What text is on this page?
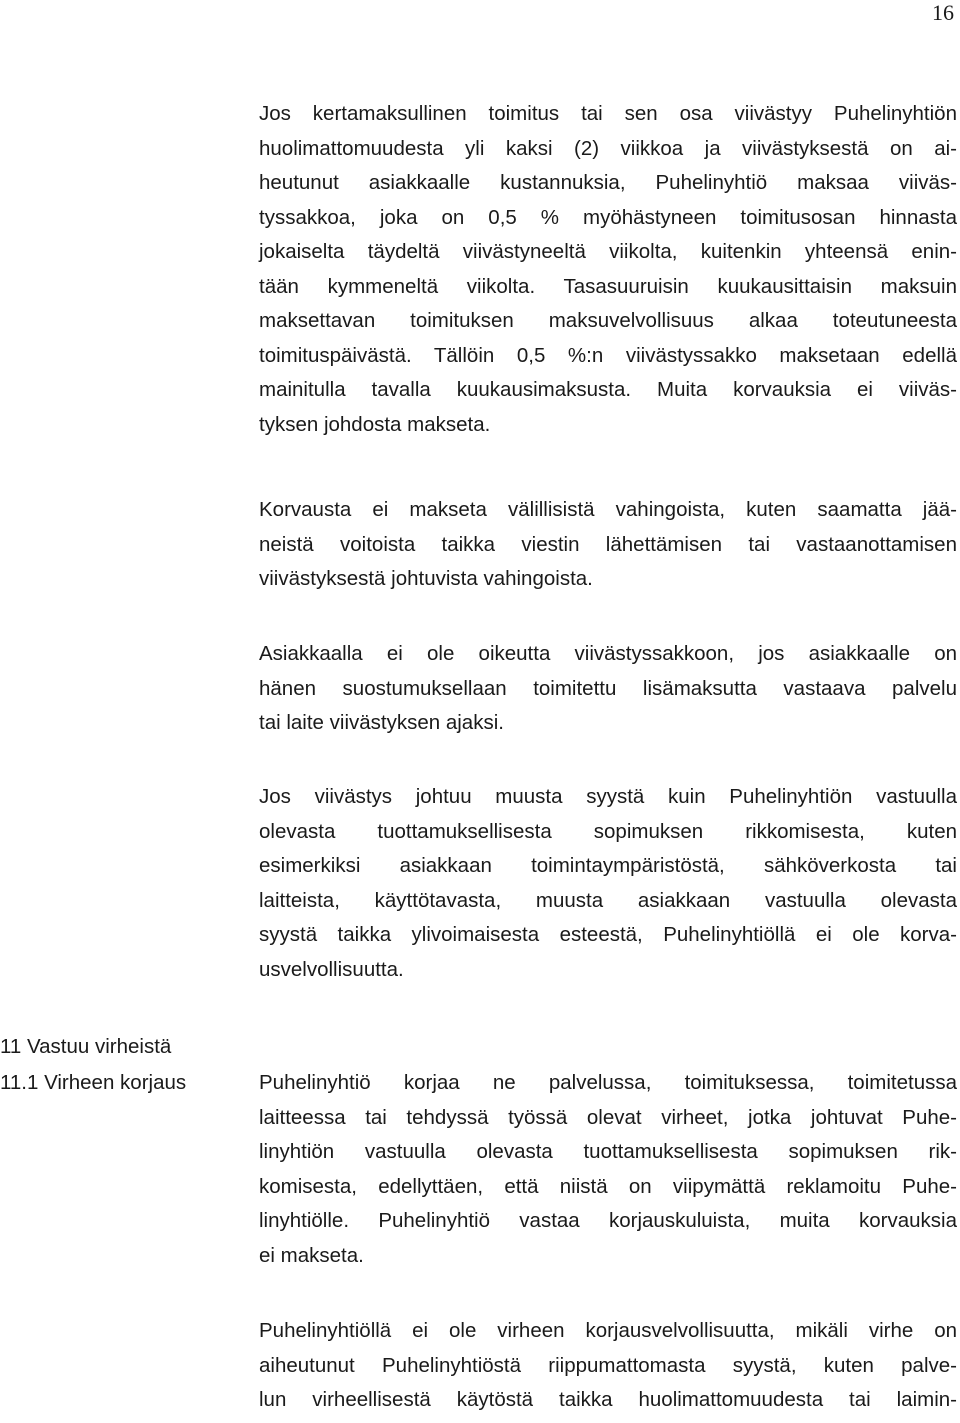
16
Jos kertamaksullinen toimitus tai sen osa viivästyy Puhelinyhtiön
huolimattomuudesta yli kaksi (2) viikkoa ja viivästyksestä on ai-
heutunut asiakkaalle kustannuksia, Puhelinyhtiö maksaa viiväs-
tyssakkoa, joka on 0,5 % myöhästyneen toimitusosan hinnasta
jokaiselta täydeltä viivästyneeltä viikolta, kuitenkin yhteensä enin-
tään kymmeneltä viikolta. Tasasuuruisin kuukausittaisin maksuin
maksettavan toimituksen maksuvelvollisuus alkaa toteutuneesta
toimituspäivästä. Tällöin 0,5 %:n viivästyssakko maksetaan edellä
mainitulla tavalla kuukausimaksusta. Muita korvauksia ei viiväs-
tyksen johdosta makseta.
Korvausta ei makseta välillisistä vahingoista, kuten saamatta jää-
neistä voitoista taikka viestin lähettämisen tai vastaanottamisen
viivästyksestä johtuvista vahingoista.
Asiakkaalla ei ole oikeutta viivästyssakkoon, jos asiakkaalle on
hänen suostumuksellaan toimitettu lisämaksutta vastaava palvelu
tai laite viivästyksen ajaksi.
Jos viivästys johtuu muusta syystä kuin Puhelinyhtiön vastuulla
olevasta tuottamuksellisesta sopimuksen rikkomisesta, kuten
esimerkiksi asiakkaan toimintaympäristöstä, sähköverkosta tai
laitteista, käyttötavasta, muusta asiakkaan vastuulla olevasta
syystä taikka ylivoimaisesta esteestä, Puhelinyhtiöllä ei ole korva-
usvelvollisuutta.
11 Vastuu virheistä
11.1 Virheen korjaus	Puhelinyhtiö korjaa ne palvelussa, toimituksessa, toimitetussa
laitteessa tai tehdyssä työssä olevat virheet, jotka johtuvat Puhe-
linyhtiön vastuulla olevasta tuottamuksellisesta sopimuksen rik-
komisesta, edellyttäen, että niistä on viipymättä reklamoitu Puhe-
linyhtiölle. Puhelinyhtiö vastaa korjauskuluista, muita korvauksia
ei makseta.
Puhelinyhtiöllä ei ole virheen korjausvelvollisuutta, mikäli virhe on
aiheutunut Puhelinyhtiöstä riippumattomasta syystä, kuten palve-
lun virheellisestä käytöstä taikka huolimattomuudesta tai laimin-
